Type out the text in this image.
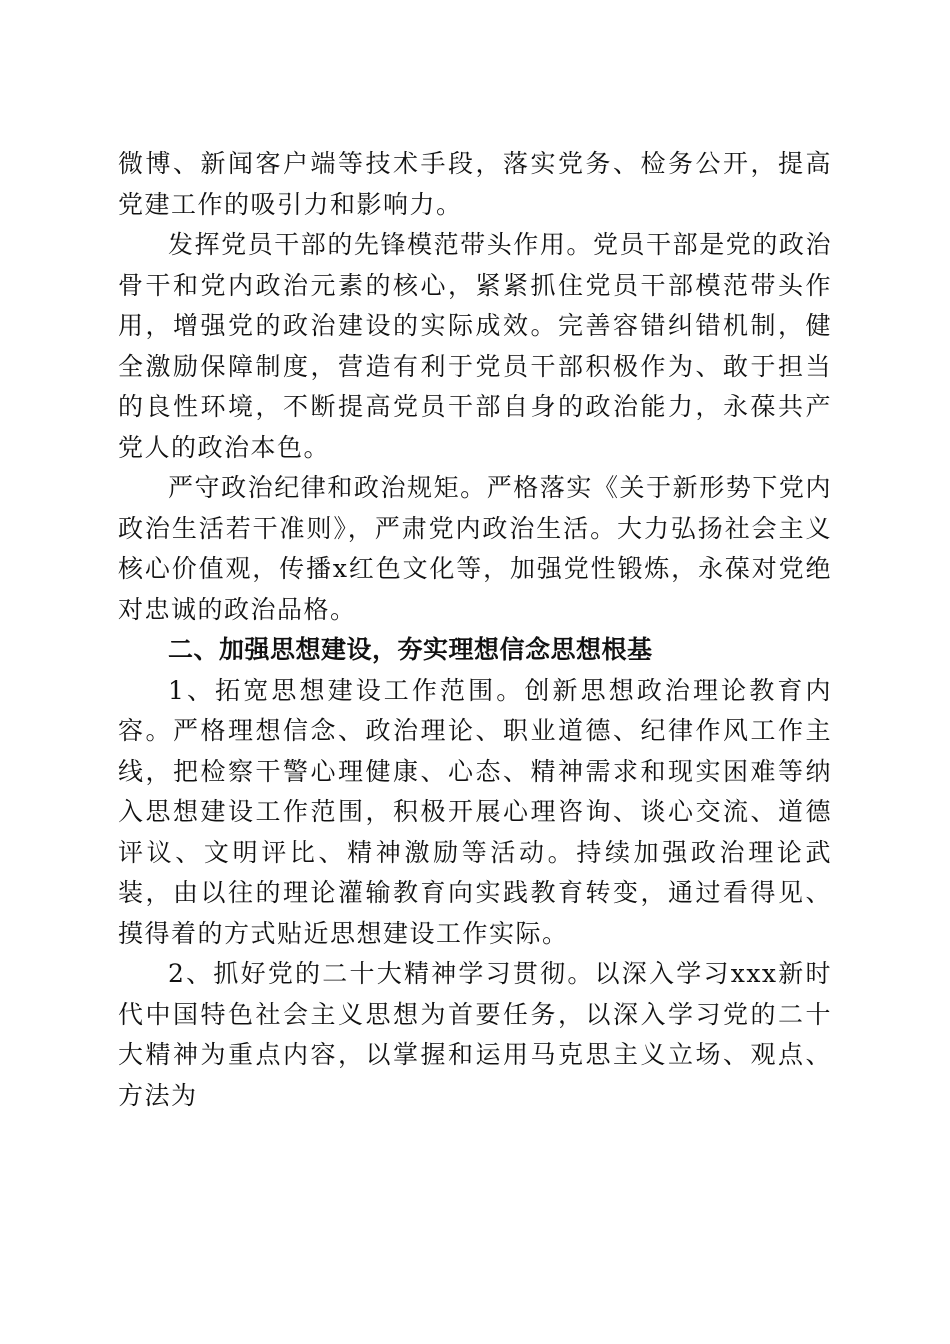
微博、新闻客户端等技术手段，落实党务、检务公开，提高党建工作的吸引力和影响力。

发挥党员干部的先锋模范带头作用。党员干部是党的政治骨干和党内政治元素的核心，紧紧抓住党员干部模范带头作用，增强党的政治建设的实际成效。完善容错纠错机制，健全激励保障制度，营造有利于党员干部积极作为、敢于担当的良性环境，不断提高党员干部自身的政治能力，永葆共产党人的政治本色。

严守政治纪律和政治规矩。严格落实《关于新形势下党内政治生活若干准则》，严肃党内政治生活。大力弘扬社会主义核心价值观，传播x红色文化等，加强党性锻炼，永葆对党绝对忠诚的政治品格。

二、加强思想建设，夯实理想信念思想根基

1、拓宽思想建设工作范围。创新思想政治理论教育内容。严格理想信念、政治理论、职业道德、纪律作风工作主线，把检察干警心理健康、心态、精神需求和现实困难等纳入思想建设工作范围，积极开展心理咨询、谈心交流、道德评议、文明评比、精神激励等活动。持续加强政治理论武装，由以往的理论灌输教育向实践教育转变，通过看得见、摸得着的方式贴近思想建设工作实际。

2、抓好党的二十大精神学习贯彻。以深入学习xxx新时代中国特色社会主义思想为首要任务，以深入学习党的二十大精神为重点内容，以掌握和运用马克思主义立场、观点、方法为
